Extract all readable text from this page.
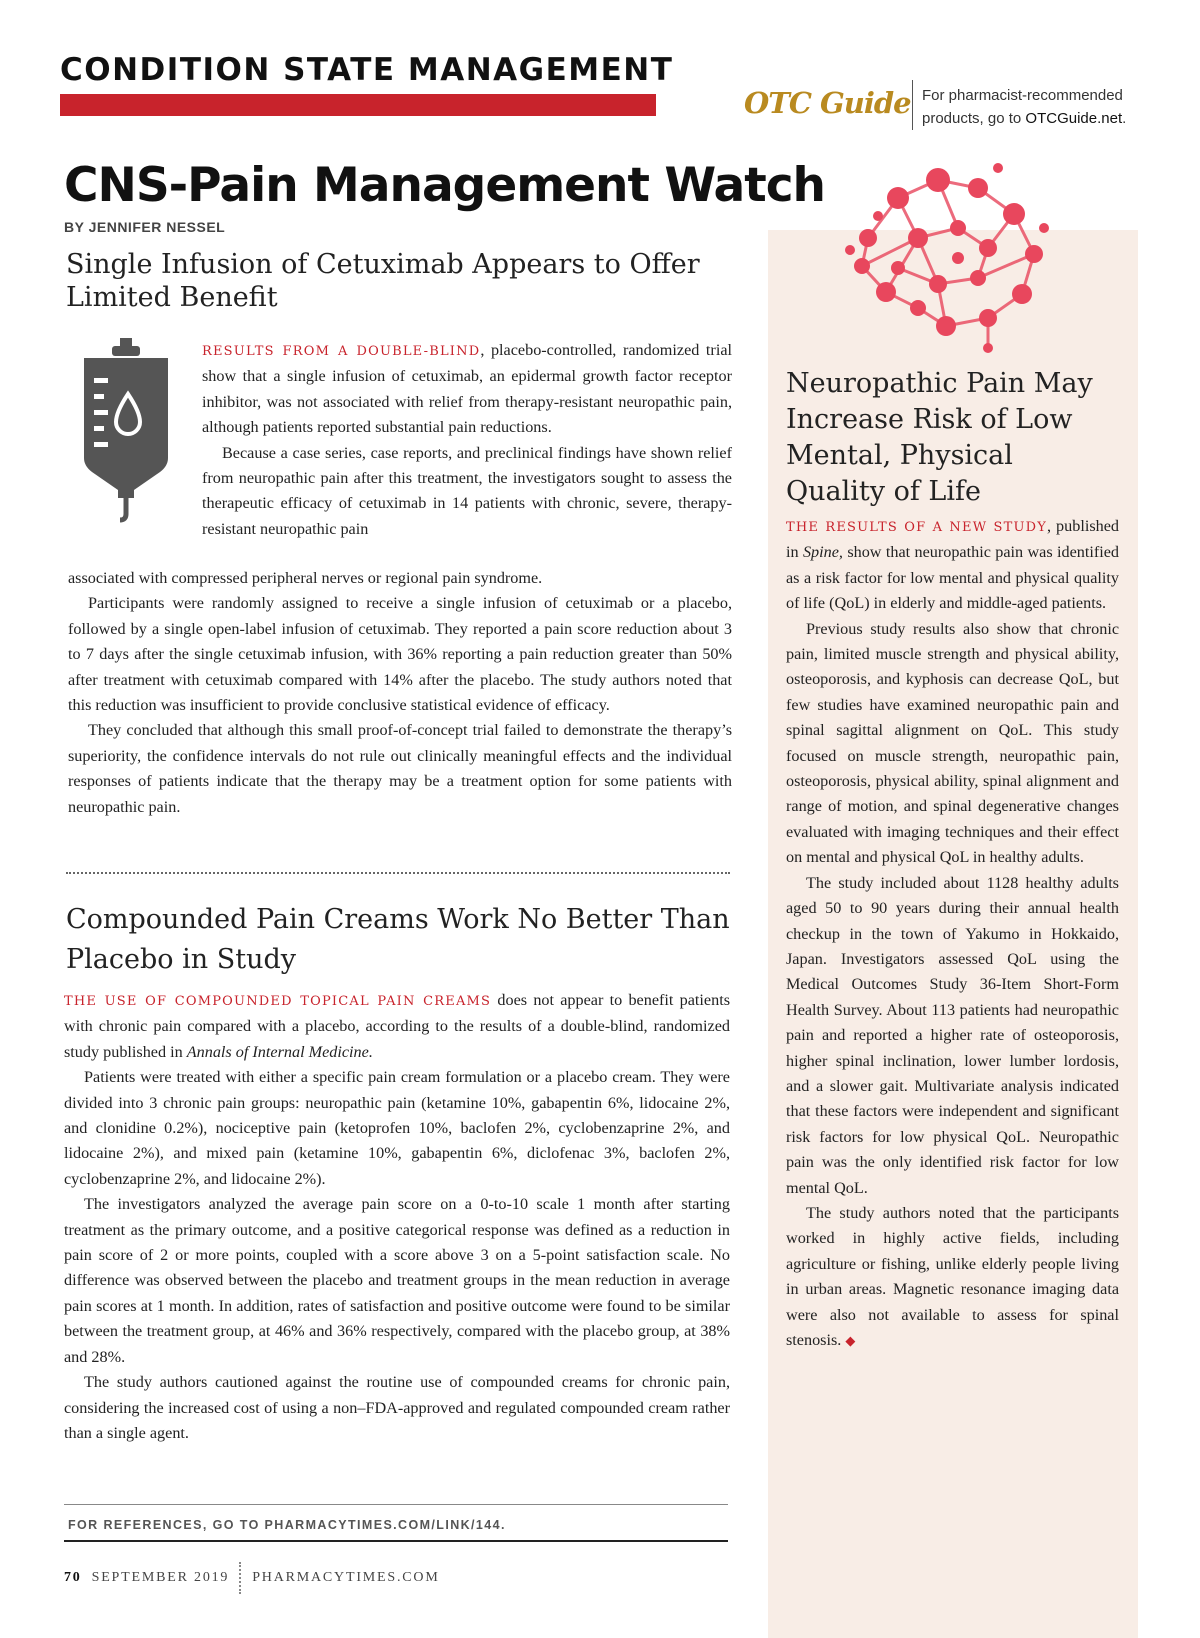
CONDITION STATE MANAGEMENT
OTC Guide For pharmacist-recommended
products, go to OTCGuide.net.
CNS-Pain Management Watch
BY JENNIFER NESSEL
Single Infusion of Cetuximab Appears to Offer Limited Benefit

RESULTS FROM A DOUBLE-BLIND, placebo-controlled, randomized trial show that a single infusion of cetuximab, an epidermal growth factor receptor inhibitor, was not associated with relief from therapy-resistant neuropathic pain, although patients reported substantial pain reductions.

Because a case series, case reports, and preclinical findings have shown relief from neuropathic pain after this treatment, the investigators sought to assess the therapeutic efficacy of cetuximab in 14 patients with chronic, severe, therapy-resistant neuropathic pain

associated with compressed peripheral nerves or regional pain syndrome.

Participants were randomly assigned to receive a single infusion of cetuximab or a placebo, followed by a single open-label infusion of cetuximab. They reported a pain score reduction about 3 to 7 days after the single cetuximab infusion, with 36% reporting a pain reduction greater than 50% after treatment with cetuximab compared with 14% after the placebo. The study authors noted that this reduction was insufficient to provide conclusive statistical evidence of efficacy.

They concluded that although this small proof-of-concept trial failed to demonstrate the therapy’s superiority, the confidence intervals do not rule out clinically meaningful effects and the individual responses of patients indicate that the therapy may be a treatment option for some patients with neuropathic pain.

Compounded Pain Creams Work No Better Than Placebo in Study

THE USE OF COMPOUNDED TOPICAL PAIN CREAMS does not appear to benefit patients with chronic pain compared with a placebo, according to the results of a double-blind, randomized study published in Annals of Internal Medicine.

Patients were treated with either a specific pain cream formulation or a placebo cream. They were divided into 3 chronic pain groups: neuropathic pain (ketamine 10%, gabapentin 6%, lidocaine 2%, and clonidine 0.2%), nociceptive pain (ketoprofen 10%, baclofen 2%, cyclobenzaprine 2%, and lidocaine 2%), and mixed pain (ketamine 10%, gabapentin 6%, diclofenac 3%, baclofen 2%, cyclobenzaprine 2%, and lidocaine 2%).

The investigators analyzed the average pain score on a 0-to-10 scale 1 month after starting treatment as the primary outcome, and a positive categorical response was defined as a reduction in pain score of 2 or more points, coupled with a score above 3 on a 5-point satisfaction scale. No difference was observed between the placebo and treatment groups in the mean reduction in average pain scores at 1 month. In addition, rates of satisfaction and positive outcome were found to be similar between the treatment group, at 46% and 36% respectively, compared with the placebo group, at 38% and 28%.

The study authors cautioned against the routine use of compounded creams for chronic pain, considering the increased cost of using a non–FDA-approved and regulated compounded cream rather than a single agent.

Neuropathic Pain May Increase Risk of Low Mental, Physical Quality of Life

THE RESULTS OF A NEW STUDY, published in Spine, show that neuropathic pain was identified as a risk factor for low mental and physical quality of life (QoL) in elderly and middle-aged patients.

Previous study results also show that chronic pain, limited muscle strength and physical ability, osteoporosis, and kyphosis can decrease QoL, but few studies have examined neuropathic pain and spinal sagittal alignment on QoL. This study focused on muscle strength, neuropathic pain, osteoporosis, physical ability, spinal alignment and range of motion, and spinal degenerative changes evaluated with imaging techniques and their effect on mental and physical QoL in healthy adults.

The study included about 1128 healthy adults aged 50 to 90 years during their annual health checkup in the town of Yakumo in Hokkaido, Japan. Investigators assessed QoL using the Medical Outcomes Study 36-Item Short-Form Health Survey. About 113 patients had neuropathic pain and reported a higher rate of osteoporosis, higher spinal inclination, lower lumber lordosis, and a slower gait. Multivariate analysis indicated that these factors were independent and significant risk factors for low physical QoL. Neuropathic pain was the only identified risk factor for low mental QoL.

The study authors noted that the participants worked in highly active fields, including agriculture or fishing, unlike elderly people living in urban areas. Magnetic resonance imaging data were also not available to assess for spinal stenosis. ◆

FOR REFERENCES, GO TO PHARMACYTIMES.COM/LINK/144.
70 SEPTEMBER 2019 PHARMACYTIMES.COM
